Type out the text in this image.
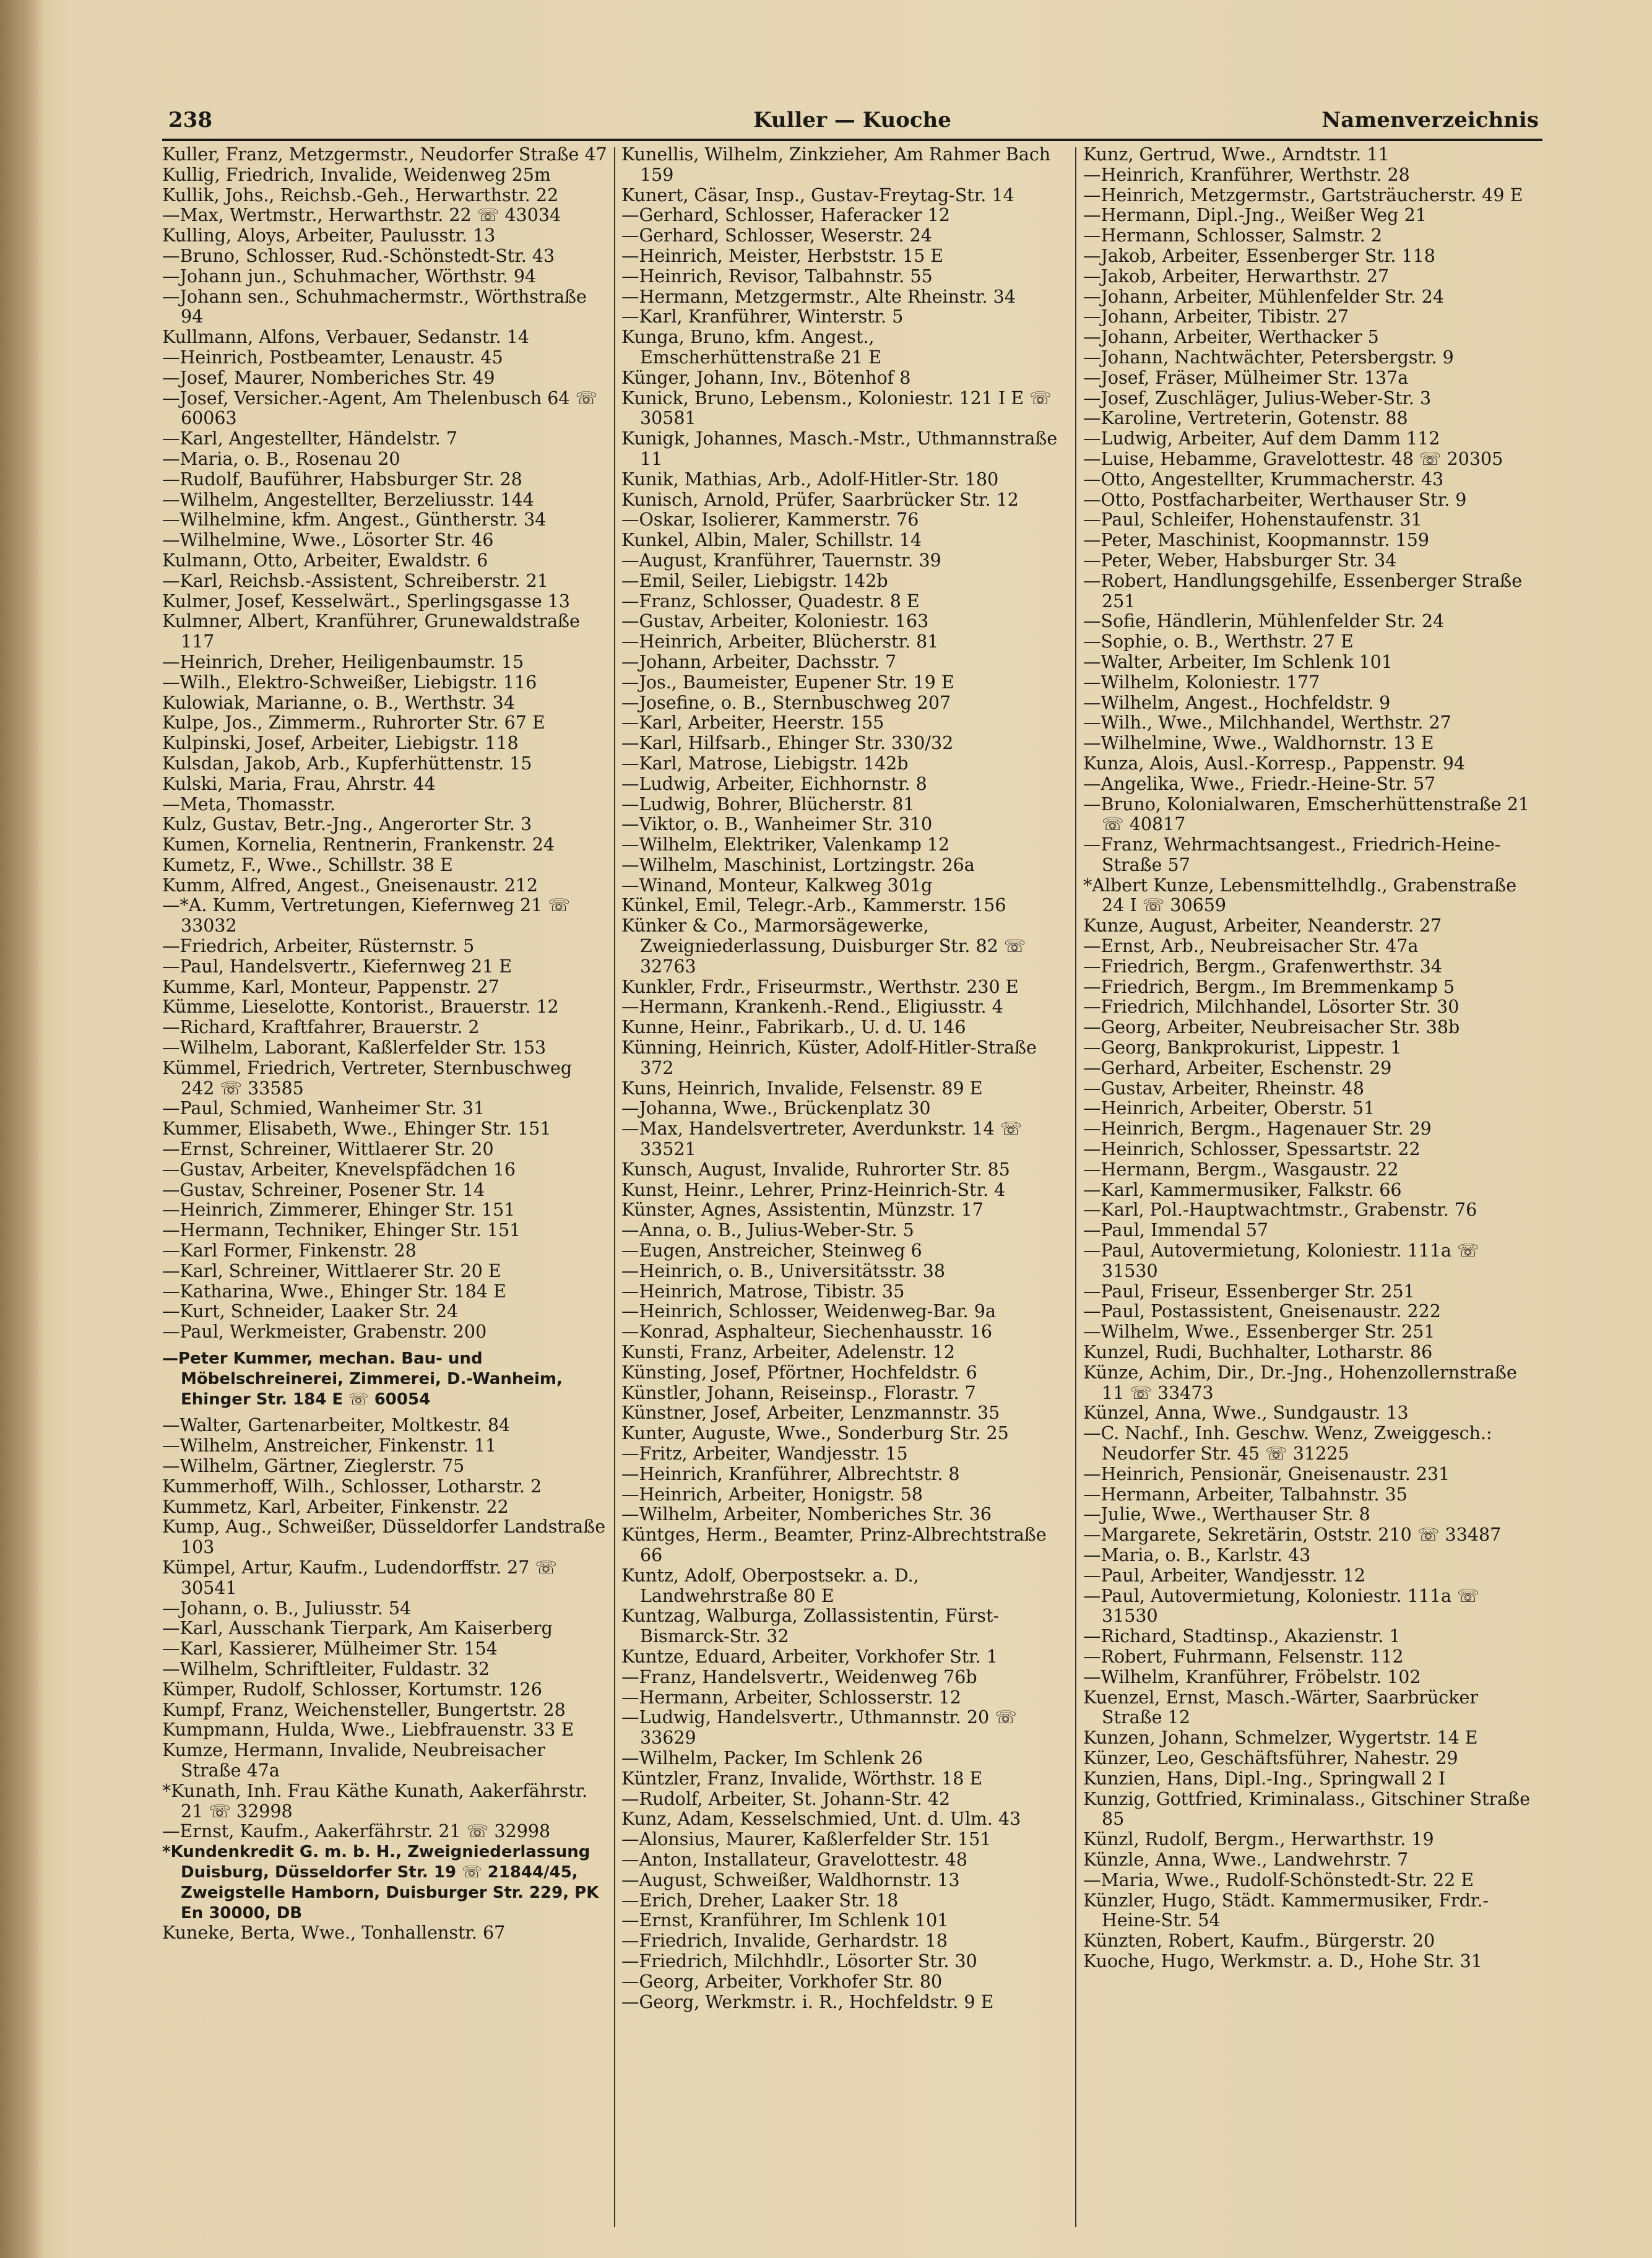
238	Kuller — Kuoche	Namenverzeichnis

Kuller, Franz, Metzgermstr., Neudorfer Straße 47

Kullig, Friedrich, Invalide, Weidenweg 25m

Kullik, Johs., Reichsb.-Geh., Herwarthstr. 22

—Max, Wertmstr., Herwarthstr. 22 ☏ 43034

Kulling, Aloys, Arbeiter, Paulusstr. 13

—Bruno, Schlosser, Rud.-Schönstedt-Str. 43

—Johann jun., Schuhmacher, Wörthstr. 94

—Johann sen., Schuhmachermstr., Wörthstraße 94

Kullmann, Alfons, Verbauer, Sedanstr. 14

—Heinrich, Postbeamter, Lenaustr. 45

—Josef, Maurer, Nomberiches Str. 49

—Josef, Versicher.-Agent, Am Thelenbusch 64 ☏ 60063

—Karl, Angestellter, Händelstr. 7

—Maria, o. B., Rosenau 20

—Rudolf, Bauführer, Habsburger Str. 28

—Wilhelm, Angestellter, Berzeliusstr. 144

—Wilhelmine, kfm. Angest., Güntherstr. 34

—Wilhelmine, Wwe., Lösorter Str. 46

Kulmann, Otto, Arbeiter, Ewaldstr. 6

—Karl, Reichsb.-Assistent, Schreiberstr. 21

Kulmer, Josef, Kesselwärt., Sperlingsgasse 13

Kulmner, Albert, Kranführer, Grunewaldstraße 117

—Heinrich, Dreher, Heiligenbaumstr. 15

—Wilh., Elektro-Schweißer, Liebigstr. 116

Kulowiak, Marianne, o. B., Werthstr. 34

Kulpe, Jos., Zimmerm., Ruhrorter Str. 67 E

Kulpinski, Josef, Arbeiter, Liebigstr. 118

Kulsdan, Jakob, Arb., Kupferhüttenstr. 15

Kulski, Maria, Frau, Ahrstr. 44

—Meta, Thomasstr.

Kulz, Gustav, Betr.-Jng., Angerorter Str. 3

Kumen, Kornelia, Rentnerin, Frankenstr. 24

Kumetz, F., Wwe., Schillstr. 38 E

Kumm, Alfred, Angest., Gneisenaustr. 212

—*A. Kumm, Vertretungen, Kiefernweg 21 ☏ 33032

—Friedrich, Arbeiter, Rüsternstr. 5

—Paul, Handelsvertr., Kiefernweg 21 E

Kumme, Karl, Monteur, Pappenstr. 27

Kümme, Lieselotte, Kontorist., Brauerstr. 12

—Richard, Kraftfahrer, Brauerstr. 2

—Wilhelm, Laborant, Kaßlerfelder Str. 153

Kümmel, Friedrich, Vertreter, Sternbuschweg 242 ☏ 33585

—Paul, Schmied, Wanheimer Str. 31

Kummer, Elisabeth, Wwe., Ehinger Str. 151

—Ernst, Schreiner, Wittlaerer Str. 20

—Gustav, Arbeiter, Knevelspfädchen 16

—Gustav, Schreiner, Posener Str. 14

—Heinrich, Zimmerer, Ehinger Str. 151

—Hermann, Techniker, Ehinger Str. 151

—Karl Former, Finkenstr. 28

—Karl, Schreiner, Wittlaerer Str. 20 E

—Katharina, Wwe., Ehinger Str. 184 E

—Kurt, Schneider, Laaker Str. 24

—Paul, Werkmeister, Grabenstr. 200

—Peter Kummer, mechan. Bau- und Möbelschreinerei, Zimmerei, D.-Wanheim, Ehinger Str. 184 E ☏ 60054

—Walter, Gartenarbeiter, Moltkestr. 84

—Wilhelm, Anstreicher, Finkenstr. 11

—Wilhelm, Gärtner, Zieglerstr. 75

Kummerhoff, Wilh., Schlosser, Lotharstr. 2

Kummetz, Karl, Arbeiter, Finkenstr. 22

Kump, Aug., Schweißer, Düsseldorfer Landstraße 103

Kümpel, Artur, Kaufm., Ludendorffstr. 27 ☏ 30541

—Johann, o. B., Juliusstr. 54

—Karl, Ausschank Tierpark, Am Kaiserberg

—Karl, Kassierer, Mülheimer Str. 154

—Wilhelm, Schriftleiter, Fuldastr. 32

Kümper, Rudolf, Schlosser, Kortumstr. 126

Kumpf, Franz, Weichensteller, Bungertstr. 28

Kumpmann, Hulda, Wwe., Liebfrauenstr. 33 E

Kumze, Hermann, Invalide, Neubreisacher Straße 47a

*Kunath, Inh. Frau Käthe Kunath, Aakerfährstr. 21 ☏ 32998

—Ernst, Kaufm., Aakerfährstr. 21 ☏ 32998

*Kundenkredit G. m. b. H., Zweigniederlassung Duisburg, Düsseldorfer Str. 19 ☏ 21844/45, Zweigstelle Hamborn, Duisburger Str. 229, PK En 30000, DB

Kuneke, Berta, Wwe., Tonhallenstr. 67

Kunellis, Wilhelm, Zinkzieher, Am Rahmer Bach 159

Kunert, Cäsar, Insp., Gustav-Freytag-Str. 14

—Gerhard, Schlosser, Haferacker 12

—Gerhard, Schlosser, Weserstr. 24

—Heinrich, Meister, Herbststr. 15 E

—Heinrich, Revisor, Talbahnstr. 55

—Hermann, Metzgermstr., Alte Rheinstr. 34

—Karl, Kranführer, Winterstr. 5

Kunga, Bruno, kfm. Angest., Emscherhüttenstraße 21 E

Künger, Johann, Inv., Bötenhof 8

Kunick, Bruno, Lebensm., Koloniestr. 121 I E ☏ 30581

Kunigk, Johannes, Masch.-Mstr., Uthmannstraße 11

Kunik, Mathias, Arb., Adolf-Hitler-Str. 180

Kunisch, Arnold, Prüfer, Saarbrücker Str. 12

—Oskar, Isolierer, Kammerstr. 76

Kunkel, Albin, Maler, Schillstr. 14

—August, Kranführer, Tauernstr. 39

—Emil, Seiler, Liebigstr. 142b

—Franz, Schlosser, Quadestr. 8 E

—Gustav, Arbeiter, Koloniestr. 163

—Heinrich, Arbeiter, Blücherstr. 81

—Johann, Arbeiter, Dachsstr. 7

—Jos., Baumeister, Eupener Str. 19 E

—Josefine, o. B., Sternbuschweg 207

—Karl, Arbeiter, Heerstr. 155

—Karl, Hilfsarb., Ehinger Str. 330/32

—Karl, Matrose, Liebigstr. 142b

—Ludwig, Arbeiter, Eichhornstr. 8

—Ludwig, Bohrer, Blücherstr. 81

—Viktor, o. B., Wanheimer Str. 310

—Wilhelm, Elektriker, Valenkamp 12

—Wilhelm, Maschinist, Lortzingstr. 26a

—Winand, Monteur, Kalkweg 301g

Künkel, Emil, Telegr.-Arb., Kammerstr. 156

Künker & Co., Marmorsägewerke, Zweigniederlassung, Duisburger Str. 82 ☏ 32763

Kunkler, Frdr., Friseurmstr., Werthstr. 230 E

—Hermann, Krankenh.-Rend., Eligiusstr. 4

Kunne, Heinr., Fabrikarb., U. d. U. 146

Künning, Heinrich, Küster, Adolf-Hitler-Straße 372

Kuns, Heinrich, Invalide, Felsenstr. 89 E

—Johanna, Wwe., Brückenplatz 30

—Max, Handelsvertreter, Averdunkstr. 14 ☏ 33521

Kunsch, August, Invalide, Ruhrorter Str. 85

Kunst, Heinr., Lehrer, Prinz-Heinrich-Str. 4

Künster, Agnes, Assistentin, Münzstr. 17

—Anna, o. B., Julius-Weber-Str. 5

—Eugen, Anstreicher, Steinweg 6

—Heinrich, o. B., Universitätsstr. 38

—Heinrich, Matrose, Tibistr. 35

—Heinrich, Schlosser, Weidenweg-Bar. 9a

—Konrad, Asphalteur, Siechenhausstr. 16

Kunsti, Franz, Arbeiter, Adelenstr. 12

Künsting, Josef, Pförtner, Hochfeldstr. 6

Künstler, Johann, Reiseinsp., Florastr. 7

Künstner, Josef, Arbeiter, Lenzmannstr. 35

Kunter, Auguste, Wwe., Sonderburg Str. 25

—Fritz, Arbeiter, Wandjesstr. 15

—Heinrich, Kranführer, Albrechtstr. 8

—Heinrich, Arbeiter, Honigstr. 58

—Wilhelm, Arbeiter, Nomberiches Str. 36

Küntges, Herm., Beamter, Prinz-Albrechtstraße 66

Kuntz, Adolf, Oberpostsekr. a. D., Landwehrstraße 80 E

Kuntzag, Walburga, Zollassistentin, Fürst-Bismarck-Str. 32

Kuntze, Eduard, Arbeiter, Vorkhofer Str. 1

—Franz, Handelsvertr., Weidenweg 76b

—Hermann, Arbeiter, Schlosserstr. 12

—Ludwig, Handelsvertr., Uthmannstr. 20 ☏ 33629

—Wilhelm, Packer, Im Schlenk 26

Küntzler, Franz, Invalide, Wörthstr. 18 E

—Rudolf, Arbeiter, St. Johann-Str. 42

Kunz, Adam, Kesselschmied, Unt. d. Ulm. 43

—Alonsius, Maurer, Kaßlerfelder Str. 151

—Anton, Installateur, Gravelottestr. 48

—August, Schweißer, Waldhornstr. 13

—Erich, Dreher, Laaker Str. 18

—Ernst, Kranführer, Im Schlenk 101

—Friedrich, Invalide, Gerhardstr. 18

—Friedrich, Milchhdlr., Lösorter Str. 30

—Georg, Arbeiter, Vorkhofer Str. 80

—Georg, Werkmstr. i. R., Hochfeldstr. 9 E

Kunz, Gertrud, Wwe., Arndtstr. 11

—Heinrich, Kranführer, Werthstr. 28

—Heinrich, Metzgermstr., Gartsträucherstr. 49 E

—Hermann, Dipl.-Jng., Weißer Weg 21

—Hermann, Schlosser, Salmstr. 2

—Jakob, Arbeiter, Essenberger Str. 118

—Jakob, Arbeiter, Herwarthstr. 27

—Johann, Arbeiter, Mühlenfelder Str. 24

—Johann, Arbeiter, Tibistr. 27

—Johann, Arbeiter, Werthacker 5

—Johann, Nachtwächter, Petersbergstr. 9

—Josef, Fräser, Mülheimer Str. 137a

—Josef, Zuschläger, Julius-Weber-Str. 3

—Karoline, Vertreterin, Gotenstr. 88

—Ludwig, Arbeiter, Auf dem Damm 112

—Luise, Hebamme, Gravelottestr. 48 ☏ 20305

—Otto, Angestellter, Krummacherstr. 43

—Otto, Postfacharbeiter, Werthauser Str. 9

—Paul, Schleifer, Hohenstaufenstr. 31

—Peter, Maschinist, Koopmannstr. 159

—Peter, Weber, Habsburger Str. 34

—Robert, Handlungsgehilfe, Essenberger Straße 251

—Sofie, Händlerin, Mühlenfelder Str. 24

—Sophie, o. B., Werthstr. 27 E

—Walter, Arbeiter, Im Schlenk 101

—Wilhelm, Koloniestr. 177

—Wilhelm, Angest., Hochfeldstr. 9

—Wilh., Wwe., Milchhandel, Werthstr. 27

—Wilhelmine, Wwe., Waldhornstr. 13 E

Kunza, Alois, Ausl.-Korresp., Pappenstr. 94

—Angelika, Wwe., Friedr.-Heine-Str. 57

—Bruno, Kolonialwaren, Emscherhüttenstraße 21 ☏ 40817

—Franz, Wehrmachtsangest., Friedrich-Heine-Straße 57

*Albert Kunze, Lebensmittelhdlg., Grabenstraße 24 I ☏ 30659

Kunze, August, Arbeiter, Neanderstr. 27

—Ernst, Arb., Neubreisacher Str. 47a

—Friedrich, Bergm., Grafenwerthstr. 34

—Friedrich, Bergm., Im Bremmenkamp 5

—Friedrich, Milchhandel, Lösorter Str. 30

—Georg, Arbeiter, Neubreisacher Str. 38b

—Georg, Bankprokurist, Lippestr. 1

—Gerhard, Arbeiter, Eschenstr. 29

—Gustav, Arbeiter, Rheinstr. 48

—Heinrich, Arbeiter, Oberstr. 51

—Heinrich, Bergm., Hagenauer Str. 29

—Heinrich, Schlosser, Spessartstr. 22

—Hermann, Bergm., Wasgaustr. 22

—Karl, Kammermusiker, Falkstr. 66

—Karl, Pol.-Hauptwachtmstr., Grabenstr. 76

—Paul, Immendal 57

—Paul, Autovermietung, Koloniestr. 111a ☏ 31530

—Paul, Friseur, Essenberger Str. 251

—Paul, Postassistent, Gneisenaustr. 222

—Wilhelm, Wwe., Essenberger Str. 251

Kunzel, Rudi, Buchhalter, Lotharstr. 86

Künze, Achim, Dir., Dr.-Jng., Hohenzollernstraße 11 ☏ 33473

Künzel, Anna, Wwe., Sundgaustr. 13

—C. Nachf., Inh. Geschw. Wenz, Zweiggesch.: Neudorfer Str. 45 ☏ 31225

—Heinrich, Pensionär, Gneisenaustr. 231

—Hermann, Arbeiter, Talbahnstr. 35

—Julie, Wwe., Werthauser Str. 8

—Margarete, Sekretärin, Oststr. 210 ☏ 33487

—Maria, o. B., Karlstr. 43

—Paul, Arbeiter, Wandjesstr. 12

—Paul, Autovermietung, Koloniestr. 111a ☏ 31530

—Richard, Stadtinsp., Akazienstr. 1

—Robert, Fuhrmann, Felsenstr. 112

—Wilhelm, Kranführer, Fröbelstr. 102

Kuenzel, Ernst, Masch.-Wärter, Saarbrücker Straße 12

Kunzen, Johann, Schmelzer, Wygertstr. 14 E

Künzer, Leo, Geschäftsführer, Nahestr. 29

Kunzien, Hans, Dipl.-Ing., Springwall 2 I

Kunzig, Gottfried, Kriminalass., Gitschiner Straße 85

Künzl, Rudolf, Bergm., Herwarthstr. 19

Künzle, Anna, Wwe., Landwehrstr. 7

—Maria, Wwe., Rudolf-Schönstedt-Str. 22 E

Künzler, Hugo, Städt. Kammermusiker, Frdr.-Heine-Str. 54

Künzten, Robert, Kaufm., Bürgerstr. 20

Kuoche, Hugo, Werkmstr. a. D., Hohe Str. 31
